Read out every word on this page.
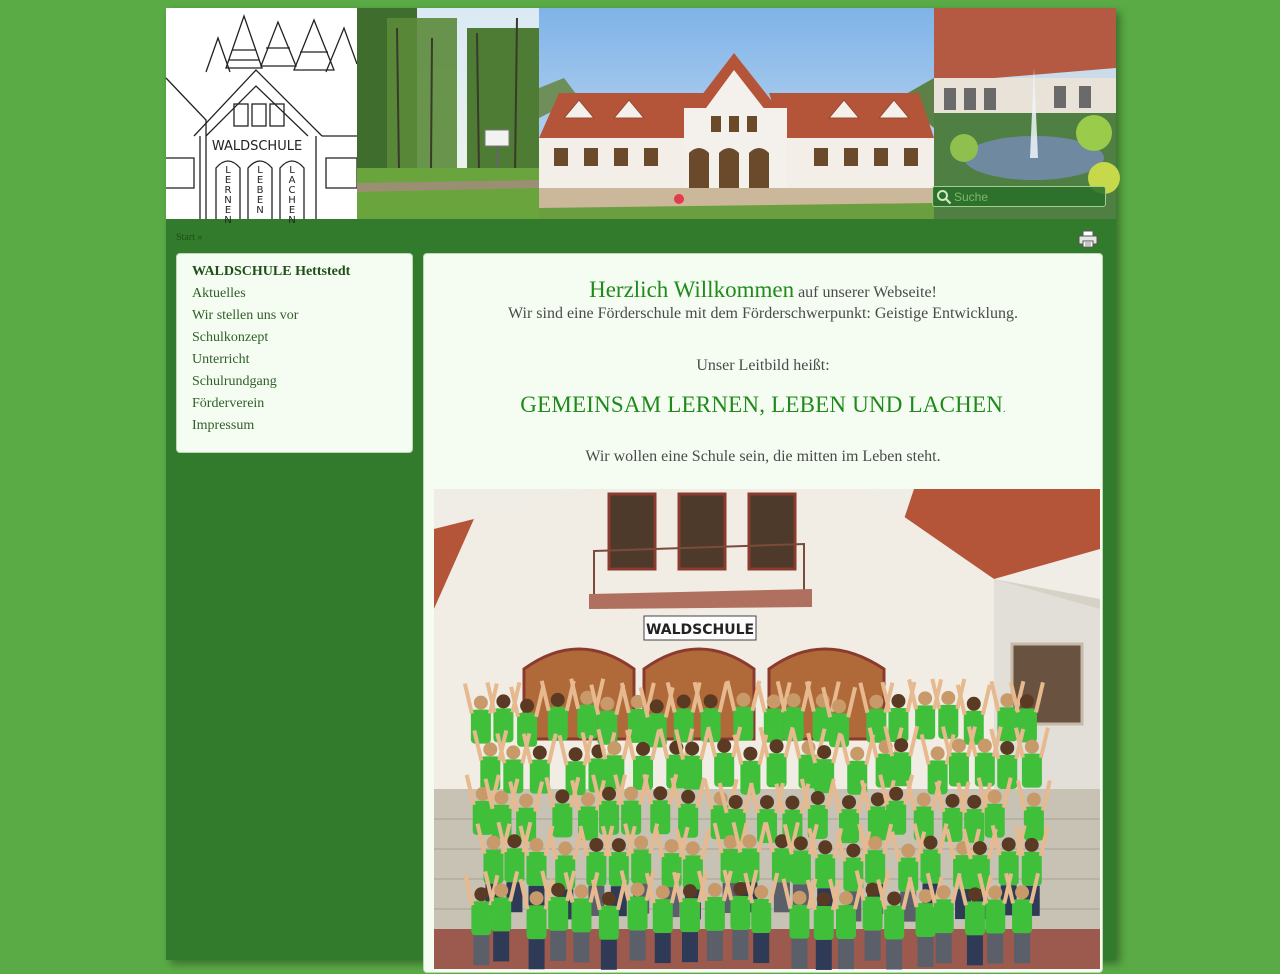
WALDSCHULE
L E R N E N
L E B E N
L A C H E N
Suche
Start »
WALDSCHULE Hettstedt
Aktuelles
Wir stellen uns vor
Schulkonzept
Unterricht
Schulrundgang
Förderverein
Impressum
Herzlich Willkommen auf unserer Webseite!
Wir sind eine Förderschule mit dem Förderschwerpunkt: Geistige Entwicklung.
Unser Leitbild heißt:
GEMEINSAM LERNEN, LEBEN UND LACHEN.
Wir wollen eine Schule sein, die mitten im Leben steht.
WALDSCHULE
